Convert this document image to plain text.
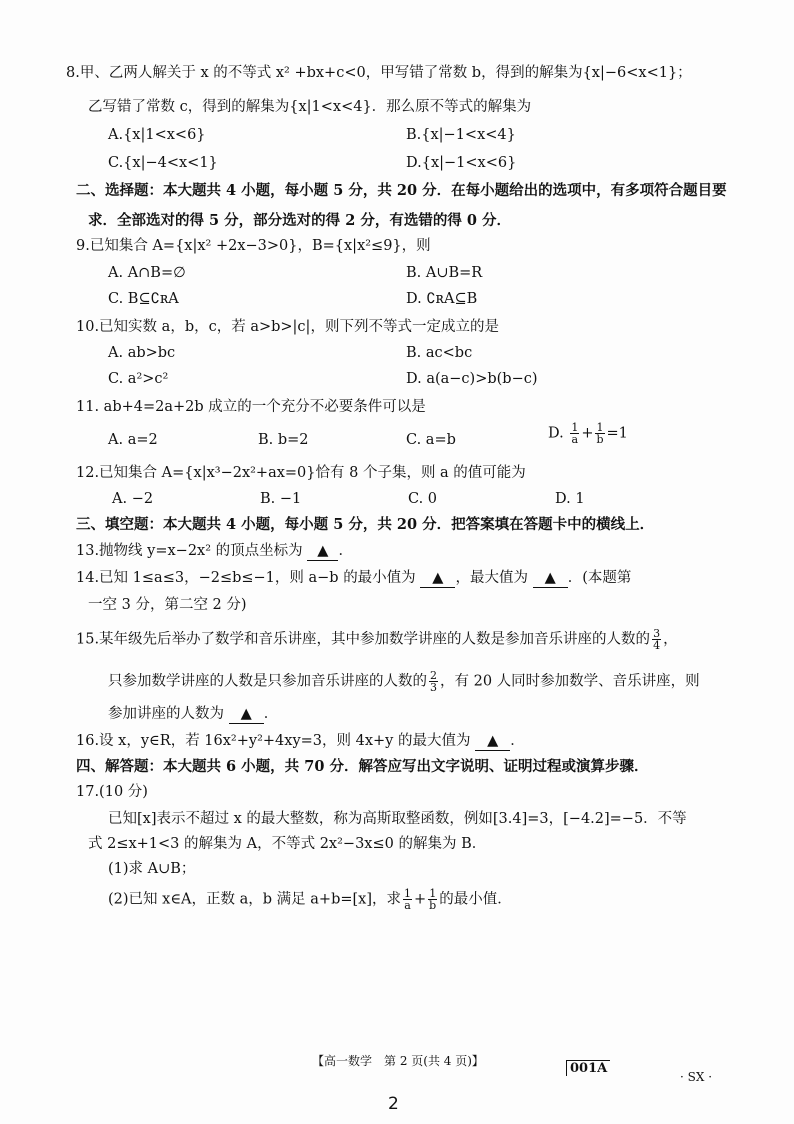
8.甲、乙两人解关于 x 的不等式 x² +bx+c<0，甲写错了常数 b，得到的解集为{x|−6<x<1}；
乙写错了常数 c，得到的解集为{x|1<x<4}．那么原不等式的解集为
A.{x|1<x<6}	B.{x|−1<x<4}
C.{x|−4<x<1}	D.{x|−1<x<6}
二、选择题：本大题共 4 小题，每小题 5 分，共 20 分．在每小题给出的选项中，有多项符合题目要
求．全部选对的得 5 分，部分选对的得 2 分，有选错的得 0 分．
9.已知集合 A={x|x² +2x−3>0}，B={x|x²≤9}，则
A. A∩B=∅	B. A∪B=R
C. B⊆∁ʀA	D. ∁ʀA⊆B
10.已知实数 a，b，c，若 a>b>|c|，则下列不等式一定成立的是
A. ab>bc	B. ac<bc
C. a²>c²	D. a(a−c)>b(b−c)
11. ab+4=2a+2b 成立的一个充分不必要条件可以是
A. a=2	B. b=2	C. a=b	D. $\frac{1}{a} + \frac{1}{b} =1$
12.已知集合 A={x|x³−2x²+ax=0}恰有 8 个子集，则 a 的值可能为
A. −2	B. −1	C. 0	D. 1
三、填空题：本大题共 4 小题，每小题 5 分，共 20 分．把答案填在答题卡中的横线上．
13.抛物线 y=x−2x² 的顶点坐标为 ▲ ．
14.已知 1≤a≤3，−2≤b≤−1，则 a−b 的最小值为 ▲ ，最大值为 ▲ ．(本题第
一空 3 分，第二空 2 分)
15.某年级先后举办了数学和音乐讲座，其中参加数学讲座的人数是参加音乐讲座的人数的 $\frac{3}{4}$ ，
只参加数学讲座的人数是只参加音乐讲座的人数的 $\frac{2}{3}$ ，有 20 人同时参加数学、音乐讲座，则
参加讲座的人数为 ▲ ．
16.设 x，y∈R，若 16x²+y²+4xy=3，则 4x+y 的最大值为 ▲ ．
四、解答题：本大题共 6 小题，共 70 分．解答应写出文字说明、证明过程或演算步骤．
17.(10 分)
已知[x]表示不超过 x 的最大整数，称为高斯取整函数，例如[3.4]=3，[−4.2]=−5．不等
式 2≤x+1<3 的解集为 A，不等式 2x²−3x≤0 的解集为 B．
(1)求 A∪B；
(2)已知 x∈A，正数 a，b 满足 a+b=[x]，求 $\frac{1}{a} + \frac{1}{b}$ 的最小值．
【高一数学　第 2 页(共 4 页)】	001A
· SX ·
2
